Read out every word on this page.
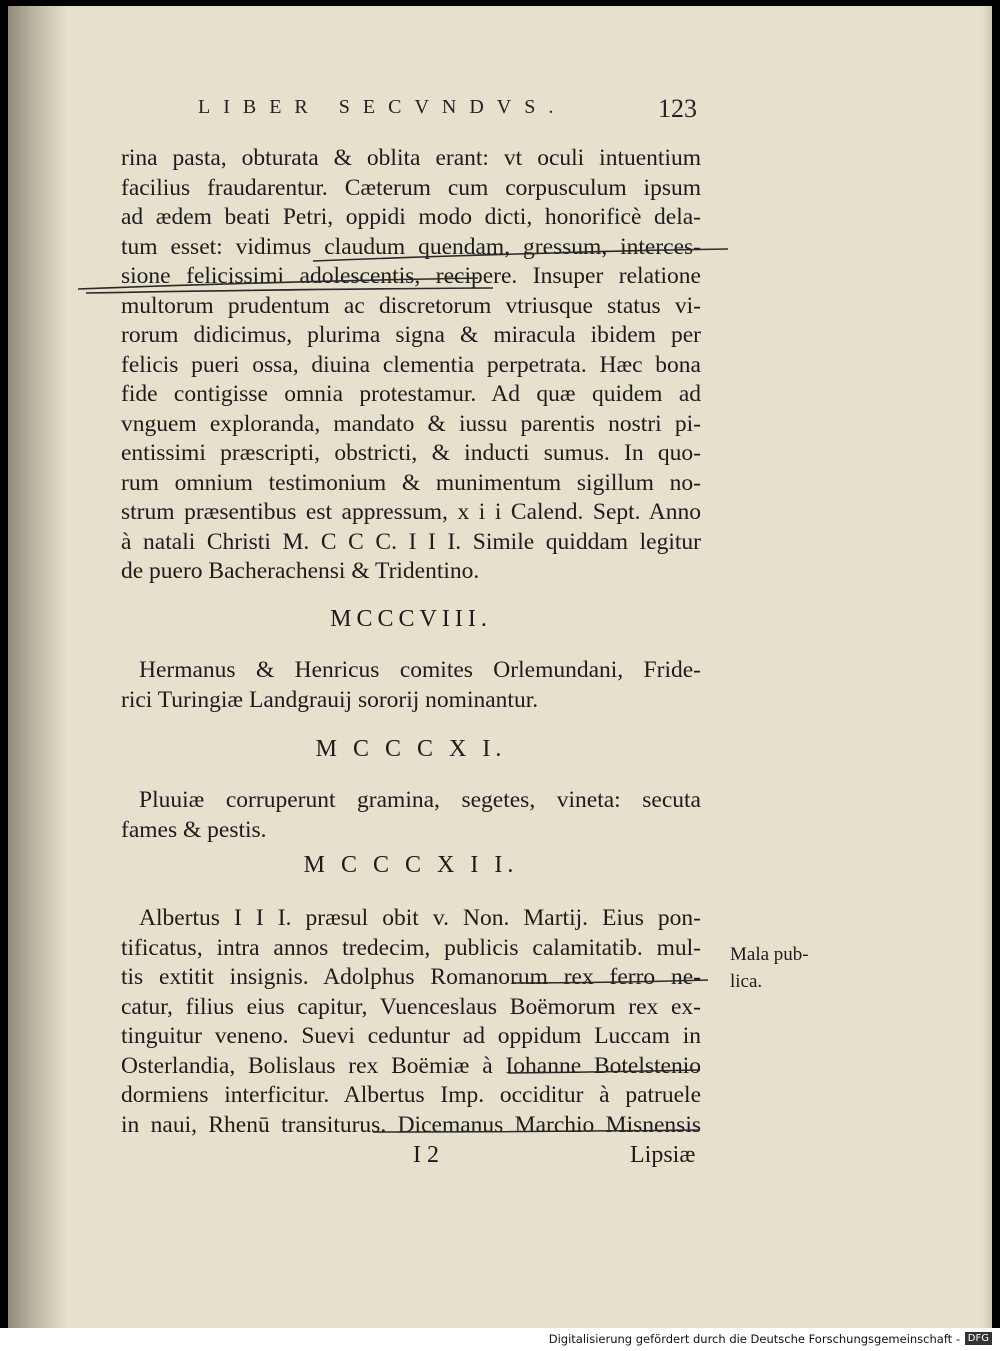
LIBER SECVNDVS.	123
rina pasta, obturata & oblita erant: vt oculi intuentium
facilius fraudarentur. Cæterum cum corpusculum ipsum
ad ædem beati Petri, oppidi modo dicti, honorificè dela-
tum esset: vidimus claudum quendam, gressum, interces-
sione felicissimi adolescentis, recipere. Insuper relatione
multorum prudentum ac discretorum vtriusque status vi-
rorum didicimus, plurima signa & miracula ibidem per
felicis pueri ossa, diuina clementia perpetrata. Hæc bona
fide contigisse omnia protestamur. Ad quæ quidem ad
vnguem exploranda, mandato & iussu parentis nostri pi-
entissimi præscripti, obstricti, & inducti sumus. In quo-
rum omnium testimonium & munimentum sigillum no-
strum præsentibus est appressum, x i i Calend. Sept. Anno
à natali Christi M. C C C. I I I. Simile quiddam legitur
de puero Bacherachensi & Tridentino.
MCCCVIII.
Hermanus & Henricus comites Orlemundani, Fride-
rici Turingiæ Landgrauij sororij nominantur.
M C C C X I.
Pluuiæ corruperunt gramina, segetes, vineta: secuta
fames & pestis.
M C C C X I I.
Albertus I I I. præsul obit v. Non. Martij. Eius pon-
tificatus, intra annos tredecim, publicis calamitatib. mul-
tis extitit insignis. Adolphus Romanorum rex ferro ne-
catur, filius eius capitur, Vuenceslaus Boëmorum rex ex-
tinguitur veneno. Suevi ceduntur ad oppidum Luccam in
Osterlandia, Bolislaus rex Boëmiæ à Iohanne Botelstenio
dormiens interficitur. Albertus Imp. occiditur à patruele
in naui, Rhenū transiturus. Dicemanus Marchio Misnensis
Mala pub-
lica.
I 2	Lipsiæ
Digitalisierung gefördert durch die Deutsche Forschungsgemeinschaft - DFG
